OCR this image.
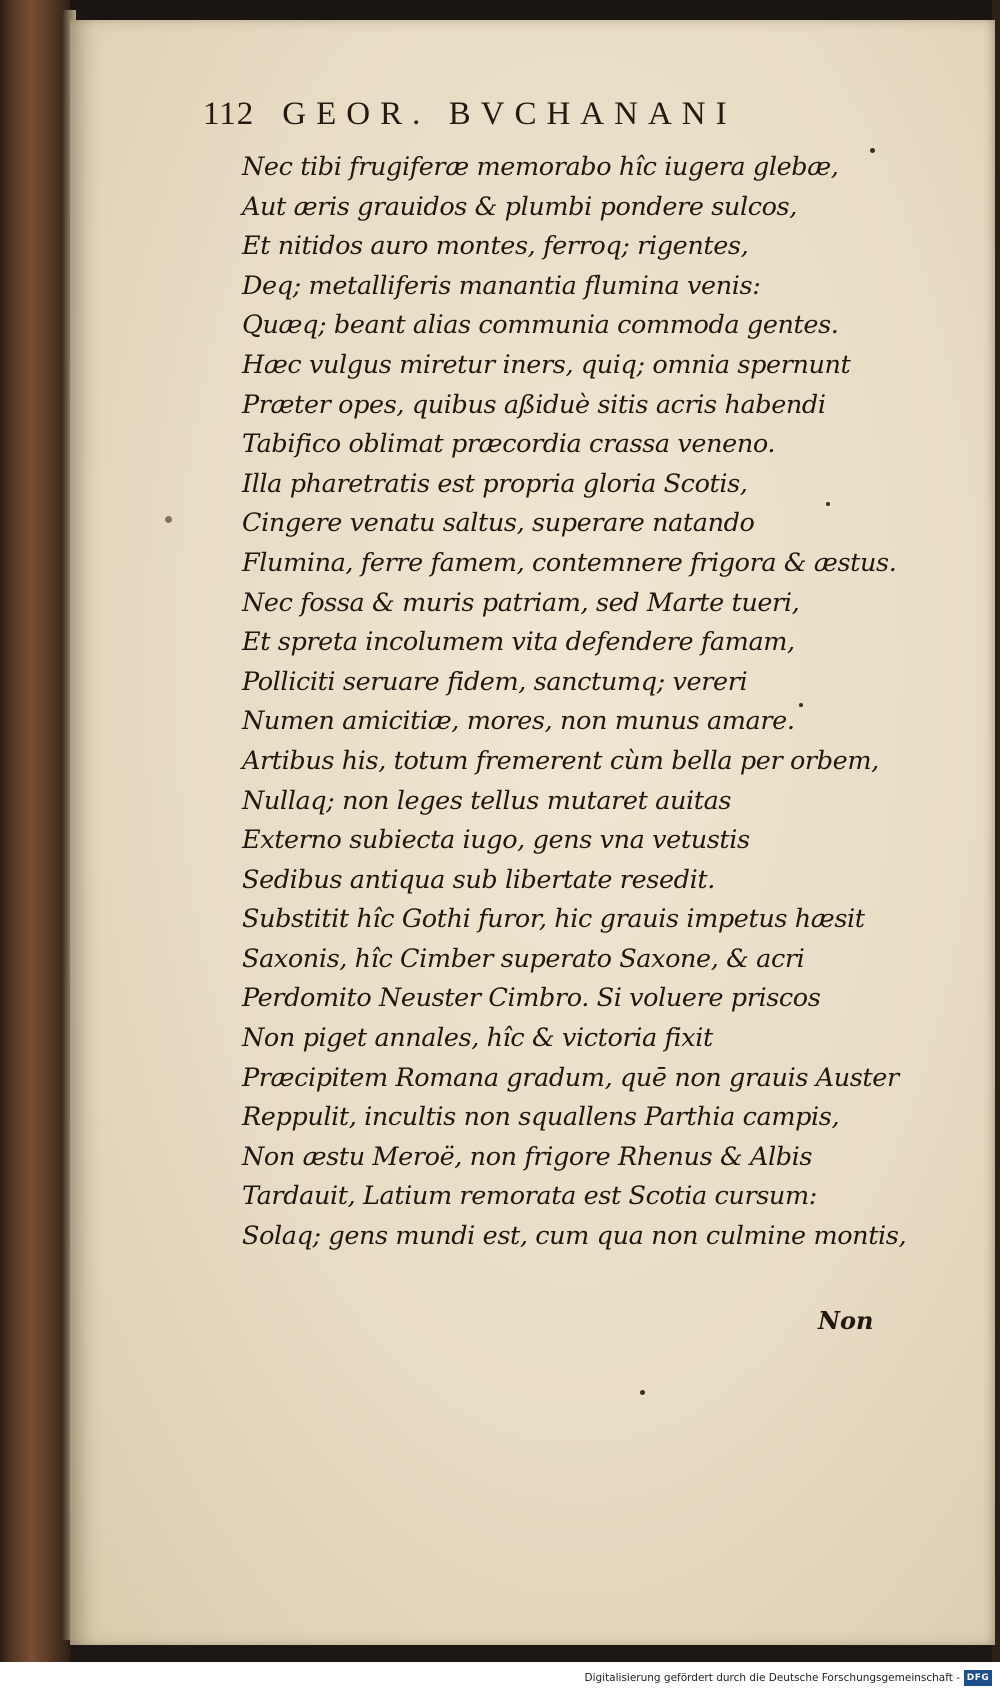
112 GEOR. BVCHANANI
Nec tibi frugiferæ memorabo hîc iugera glebæ,
Aut æris grauidos & plumbi pondere sulcos,
Et nitidos auro montes, ferroq; rigentes,
Deq; metalliferis manantia flumina venis:
Quæq; beant alias communia commoda gentes.
Hæc vulgus miretur iners, quiq; omnia spernunt
Præter opes, quibus aßiduè sitis acris habendi
Tabifico oblimat præcordia crassa veneno.
Illa pharetratis est propria gloria Scotis,
Cingere venatu saltus, superare natando
Flumina, ferre famem, contemnere frigora & æstus.
Nec fossa & muris patriam, sed Marte tueri,
Et spreta incolumem vita defendere famam,
Polliciti seruare fidem, sanctumq; vereri
Numen amicitiæ, mores, non munus amare.
Artibus his, totum fremerent cùm bella per orbem,
Nullaq; non leges tellus mutaret auitas
Externo subiecta iugo, gens vna vetustis
Sedibus antiqua sub libertate resedit.
Substitit hîc Gothi furor, hic grauis impetus hæsit
Saxonis, hîc Cimber superato Saxone, & acri
Perdomito Neuster Cimbro. Si voluere priscos
Non piget annales, hîc & victoria fixit
Præcipitem Romana gradum, quē non grauis Auster
Reppulit, incultis non squallens Parthia campis,
Non æstu Meroë, non frigore Rhenus & Albis
Tardauit, Latium remorata est Scotia cursum:
Solaq; gens mundi est, cum qua non culmine montis,
Non
Digitalisierung gefördert durch die Deutsche Forschungsgemeinschaft - DFG
